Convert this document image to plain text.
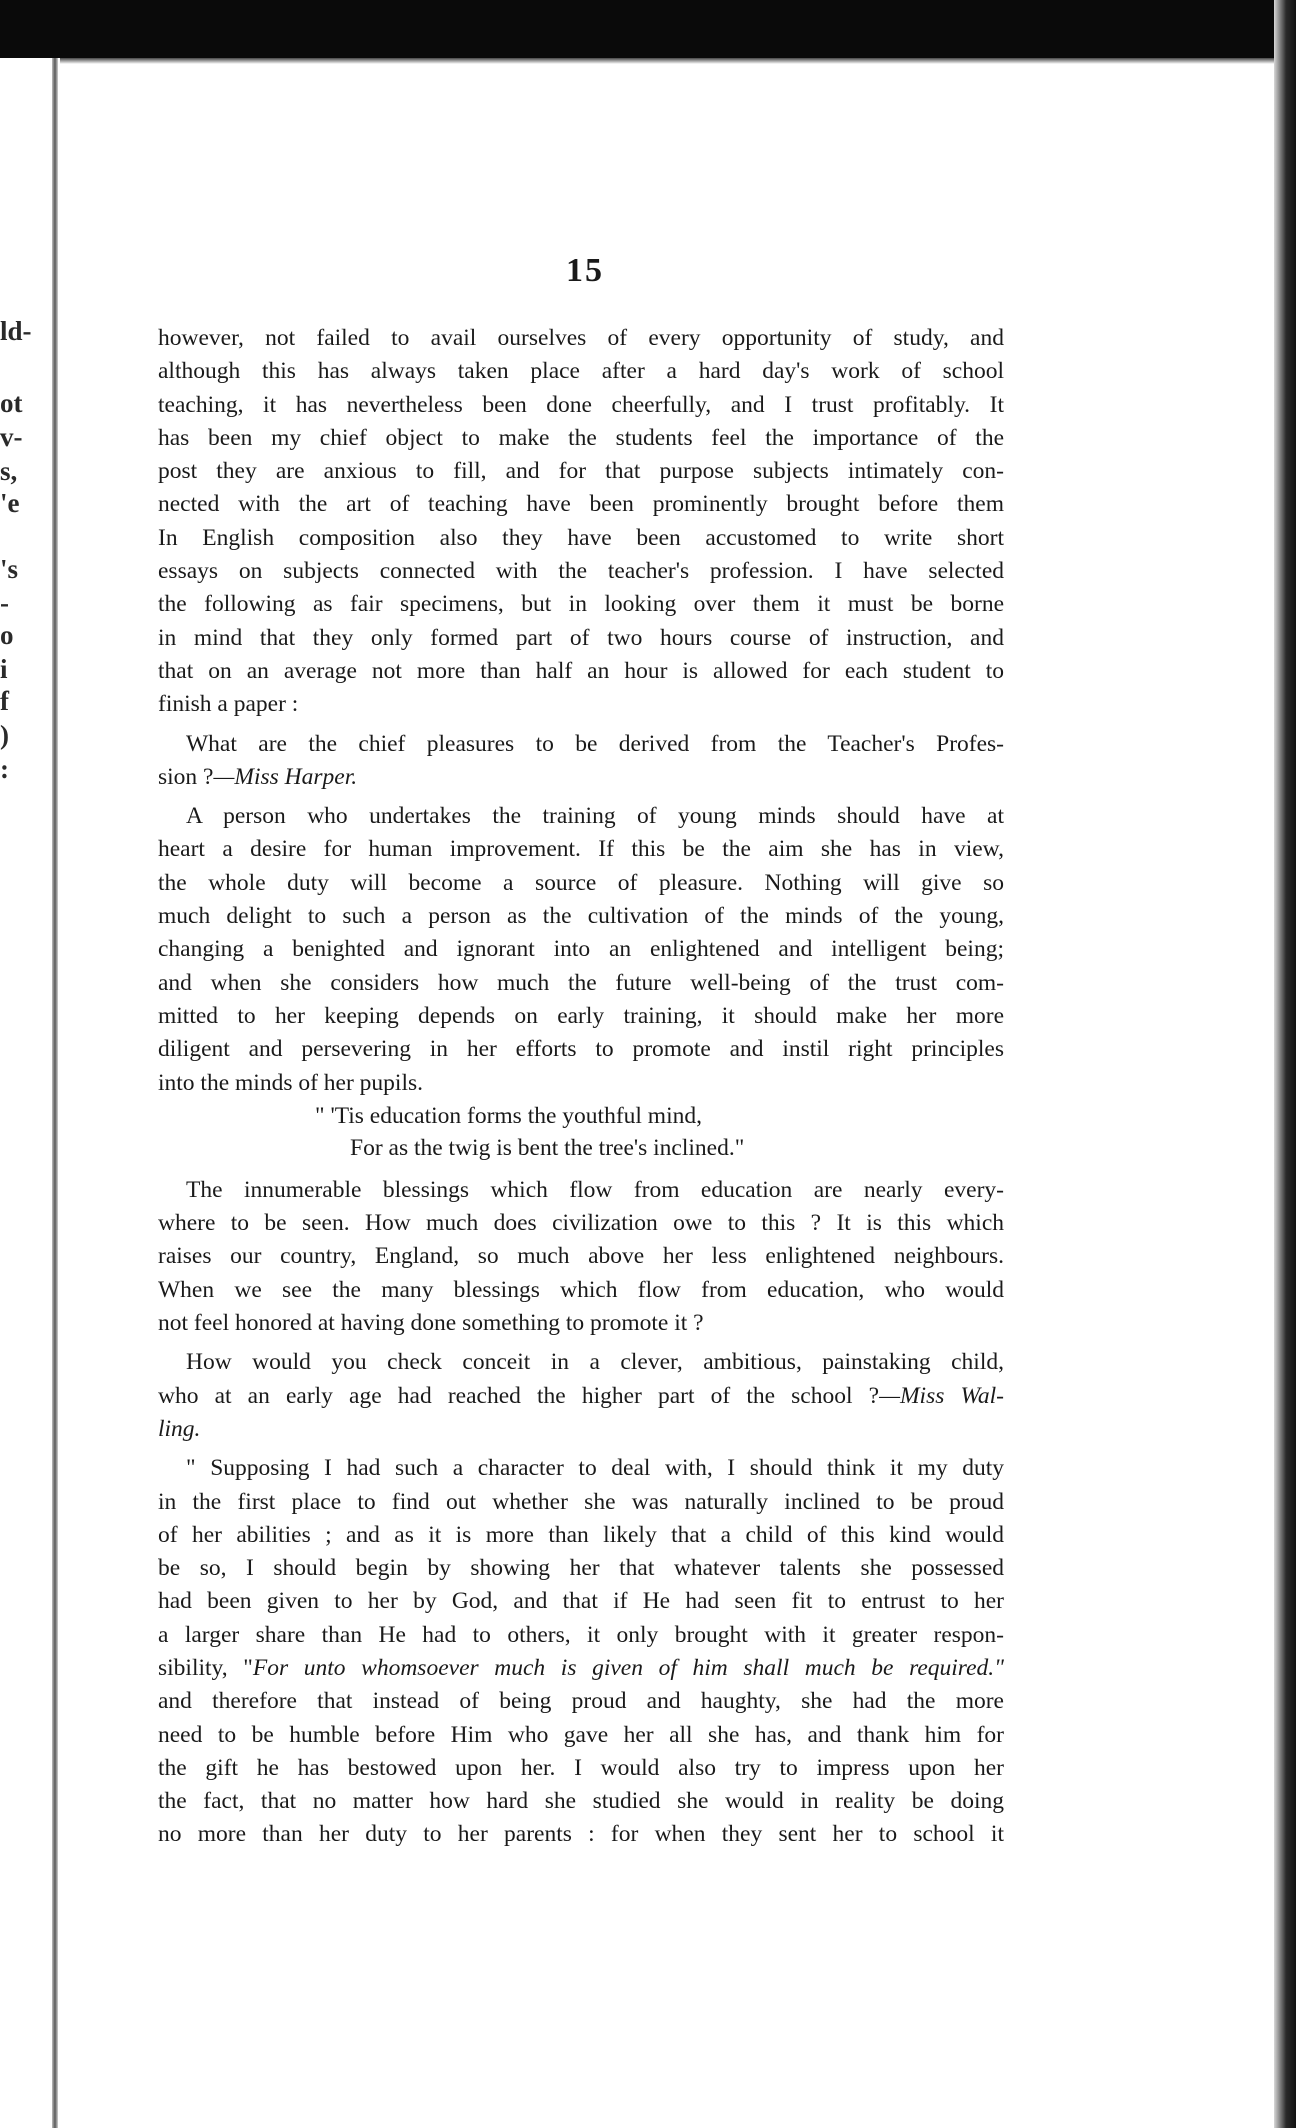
ld-
ot
v-
s,
'e
's
-
o
i
f
)
:
15
however, not failed to avail ourselves of every opportunity of study, and
although this has always taken place after a hard day's work of school
teaching, it has nevertheless been done cheerfully, and I trust profitably. It
has been my chief object to make the students feel the importance of the
post they are anxious to fill, and for that purpose subjects intimately con-
nected with the art of teaching have been prominently brought before them
In English composition also they have been accustomed to write short
essays on subjects connected with the teacher's profession. I have selected
the following as fair specimens, but in looking over them it must be borne
in mind that they only formed part of two hours course of instruction, and
that on an average not more than half an hour is allowed for each student to
finish a paper :
What are the chief pleasures to be derived from the Teacher's Profes-
sion ?—Miss Harper.
A person who undertakes the training of young minds should have at
heart a desire for human improvement. If this be the aim she has in view,
the whole duty will become a source of pleasure. Nothing will give so
much delight to such a person as the cultivation of the minds of the young,
changing a benighted and ignorant into an enlightened and intelligent being;
and when she considers how much the future well-being of the trust com-
mitted to her keeping depends on early training, it should make her more
diligent and persevering in her efforts to promote and instil right principles
into the minds of her pupils.
" 'Tis education forms the youthful mind,
For as the twig is bent the tree's inclined."
The innumerable blessings which flow from education are nearly every-
where to be seen. How much does civilization owe to this ? It is this which
raises our country, England, so much above her less enlightened neighbours.
When we see the many blessings which flow from education, who would
not feel honored at having done something to promote it ?
How would you check conceit in a clever, ambitious, painstaking child,
who at an early age had reached the higher part of the school ?—Miss Wal-
ling.
" Supposing I had such a character to deal with, I should think it my duty
in the first place to find out whether she was naturally inclined to be proud
of her abilities ; and as it is more than likely that a child of this kind would
be so, I should begin by showing her that whatever talents she possessed
had been given to her by God, and that if He had seen fit to entrust to her
a larger share than He had to others, it only brought with it greater respon-
sibility, "For unto whomsoever much is given of him shall much be required."
and therefore that instead of being proud and haughty, she had the more
need to be humble before Him who gave her all she has, and thank him for
the gift he has bestowed upon her. I would also try to impress upon her
the fact, that no matter how hard she studied she would in reality be doing
no more than her duty to her parents : for when they sent her to school it
